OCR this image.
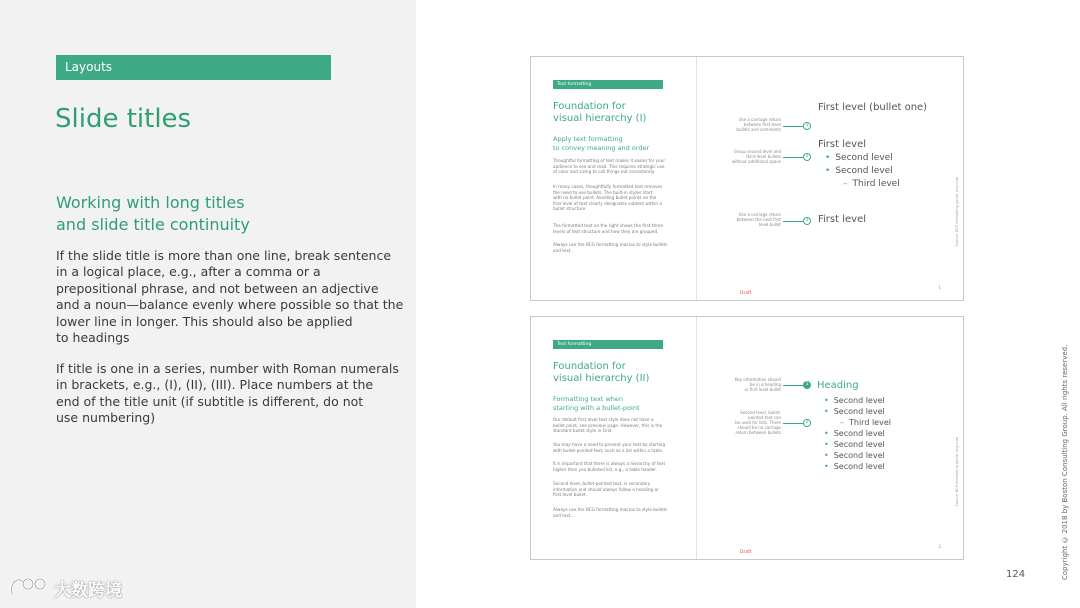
Layouts
Slide titles
Working with long titles
and slide title continuity
If the slide title is more than one line, break sentence
in a logical place, e.g., after a comma or a
prepositional phrase, and not between an adjective
and a noun—balance evenly where possible so that the
lower line in longer. This should also be applied
to headings
If title is one in a series, number with Roman numerals
in brackets, e.g., (I), (II), (III). Place numbers at the
end of the title unit (if subtitle is different, do not
use numbering)
大数跨境
Text formatting
Foundation for
visual hierarchy (I)
Apply text formatting
to convey meaning and order
Thoughtful formatting of text makes it easier for your
audience to see and read. This requires strategic use
of color and sizing to call things out consistently.
In many cases, thoughtfully formatted text removes
the need to use bullets. The built-in styles start
with no bullet point. Avoiding bullet points on the
first level of text clearly designates subtext within a
bullet structure.
The formatted text on the right shows the first three
levels of text structure and how they are grouped.
Always use the BCG formatting macros to style bullets
and text.
Use a carriage return
between first level
bullets and comments
1
Group second level and
third level bullets
without additional space
2
Use a carriage return
between the next first
level bullet
3
First level (bullet one)
First level
• Second level
• Second level
– Third level
First level
Draft
1
Source: BCG formatting guide; bcg.com
Text formatting
Foundation for
visual hierarchy (II)
Formatting text when
starting with a bullet-point
Our default first level text style does not have a
bullet point, see previous page. However, this is the
standard bullet style in Grid.
You may have a need to present your text by starting
with bullet-pointed text, such as a list within a table.
It is important that there is always a hierarchy of text
higher than you bulleted list, e.g., a table header.
Second level, bullet-pointed text, is secondary
information and should always follow a heading or
first level bullet.
Always use the BCG formatting macros to style bullets
and text.
Key information should
be in a heading
or first level bullet
1
Second level, bullet-
pointed text can
be used for lists. There
should be no carriage
return between bullets
2
Heading
• Second level
• Second level
– Third level
• Second level
• Second level
• Second level
• Second level
Draft
2
Source: BCG formatting guide; bcg.com	Copyright © 2018 by Boston Consulting Group. All rights reserved.
124
